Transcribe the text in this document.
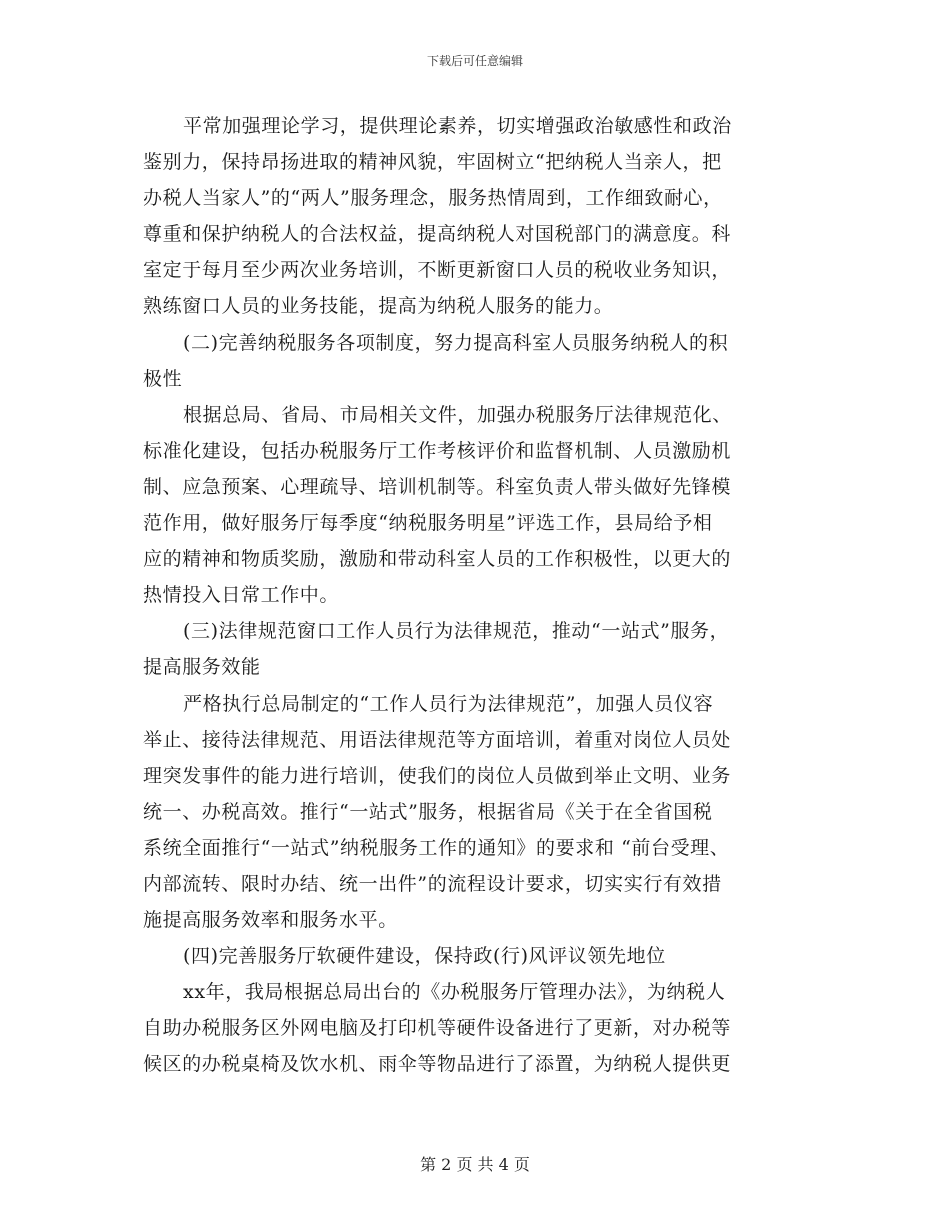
下载后可任意编辑
平常加强理论学习，提供理论素养，切实增强政治敏感性和政治
鉴别力，保持昂扬进取的精神风貌，牢固树立“把纳税人当亲人，把
办税人当家人”的“两人”服务理念，服务热情周到，工作细致耐心，
尊重和保护纳税人的合法权益，提高纳税人对国税部门的满意度。科
室定于每月至少两次业务培训，不断更新窗口人员的税收业务知识，
熟练窗口人员的业务技能，提高为纳税人服务的能力。
(二)完善纳税服务各项制度，努力提高科室人员服务纳税人的积
极性
根据总局、省局、市局相关文件，加强办税服务厅法律规范化、
标准化建设，包括办税服务厅工作考核评价和监督机制、人员激励机
制、应急预案、心理疏导、培训机制等。科室负责人带头做好先锋模
范作用，做好服务厅每季度“纳税服务明星”评选工作，县局给予相
应的精神和物质奖励，激励和带动科室人员的工作积极性，以更大的
热情投入日常工作中。
(三)法律规范窗口工作人员行为法律规范，推动“一站式”服务，
提高服务效能
严格执行总局制定的“工作人员行为法律规范”，加强人员仪容
举止、接待法律规范、用语法律规范等方面培训，着重对岗位人员处
理突发事件的能力进行培训，使我们的岗位人员做到举止文明、业务
统一、办税高效。推行“一站式”服务，根据省局《关于在全省国税
系统全面推行“一站式”纳税服务工作的通知》的要求和 “前台受理、
内部流转、限时办结、统一出件”的流程设计要求，切实实行有效措
施提高服务效率和服务水平。
(四)完善服务厅软硬件建设，保持政(行)风评议领先地位
xx年，我局根据总局出台的《办税服务厅管理办法》，为纳税人
自助办税服务区外网电脑及打印机等硬件设备进行了更新，对办税等
候区的办税桌椅及饮水机、雨伞等物品进行了添置，为纳税人提供更
第 2 页 共 4 页
